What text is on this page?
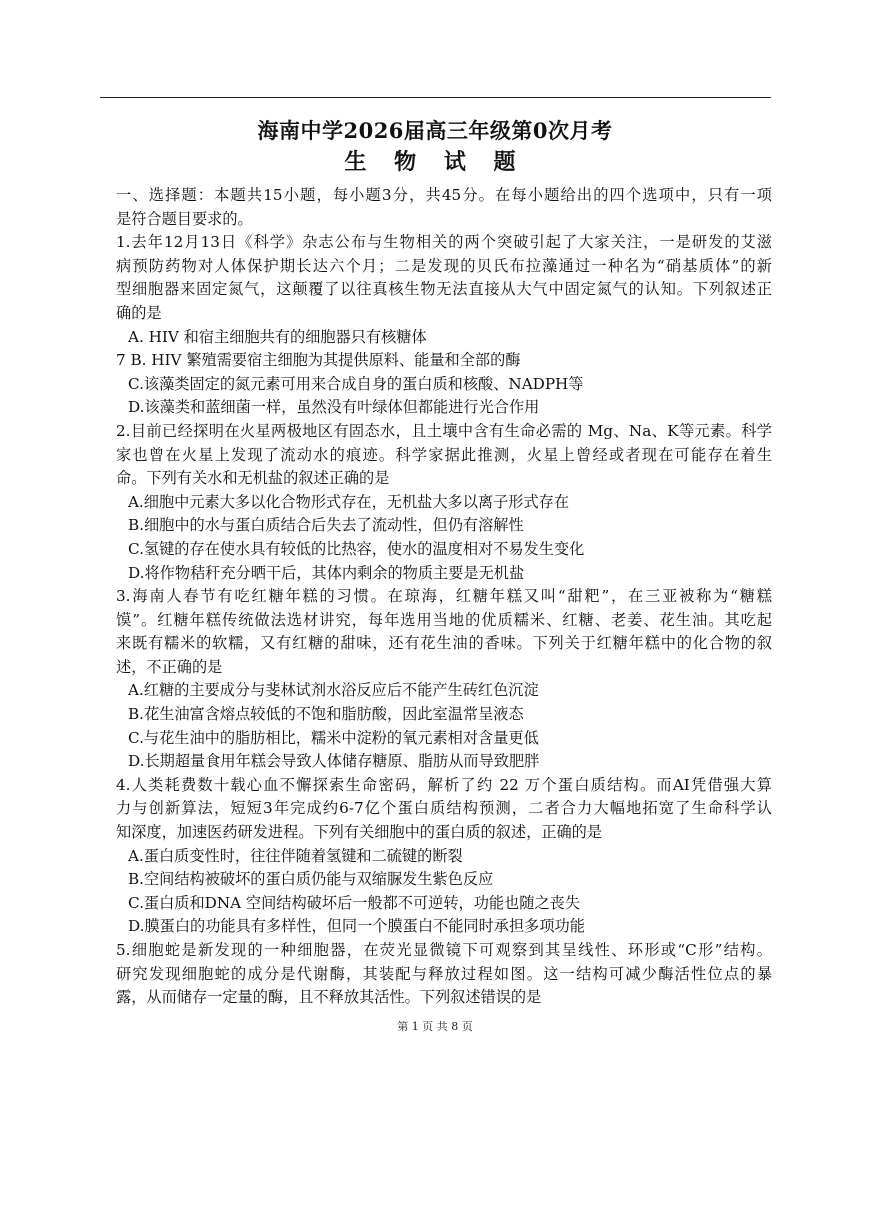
海南中学2026届高三年级第0次月考
生 物 试 题
一、选择题：本题共15小题，每小题3分，共45分。在每小题给出的四个选项中，只有一项
是符合题目要求的。
1.去年12月13日《科学》杂志公布与生物相关的两个突破引起了大家关注，一是研发的艾滋
病预防药物对人体保护期长达六个月；二是发现的贝氏布拉藻通过一种名为“硝基质体”的新
型细胞器来固定氮气，这颠覆了以往真核生物无法直接从大气中固定氮气的认知。下列叙述正
确的是
A. HIV 和宿主细胞共有的细胞器只有核糖体
7 B. HIV 繁殖需要宿主细胞为其提供原料、能量和全部的酶
C.该藻类固定的氮元素可用来合成自身的蛋白质和核酸、NADPH等
D.该藻类和蓝细菌一样，虽然没有叶绿体但都能进行光合作用
2.目前已经探明在火星两极地区有固态水，且土壤中含有生命必需的 Mg、Na、K等元素。科学
家也曾在火星上发现了流动水的痕迹。科学家据此推测，火星上曾经或者现在可能存在着生
命。下列有关水和无机盐的叙述正确的是
A.细胞中元素大多以化合物形式存在，无机盐大多以离子形式存在
B.细胞中的水与蛋白质结合后失去了流动性，但仍有溶解性
C.氢键的存在使水具有较低的比热容，使水的温度相对不易发生变化
D.将作物秸秆充分晒干后，其体内剩余的物质主要是无机盐
3.海南人春节有吃红糖年糕的习惯。在琼海，红糖年糕又叫“甜粑”，在三亚被称为“糖糕
馍”。红糖年糕传统做法选材讲究，每年选用当地的优质糯米、红糖、老姜、花生油。其吃起
来既有糯米的软糯，又有红糖的甜味，还有花生油的香味。下列关于红糖年糕中的化合物的叙
述，不正确的是
A.红糖的主要成分与斐林试剂水浴反应后不能产生砖红色沉淀
B.花生油富含熔点较低的不饱和脂肪酸，因此室温常呈液态
C.与花生油中的脂肪相比，糯米中淀粉的氧元素相对含量更低
D.长期超量食用年糕会导致人体储存糖原、脂肪从而导致肥胖
4.人类耗费数十载心血不懈探索生命密码，解析了约 22 万个蛋白质结构。而AI凭借强大算
力与创新算法，短短3年完成约6-7亿个蛋白质结构预测，二者合力大幅地拓宽了生命科学认
知深度，加速医药研发进程。下列有关细胞中的蛋白质的叙述，正确的是
A.蛋白质变性时，往往伴随着氢键和二硫键的断裂
B.空间结构被破坏的蛋白质仍能与双缩脲发生紫色反应
C.蛋白质和DNA 空间结构破坏后一般都不可逆转，功能也随之丧失
D.膜蛋白的功能具有多样性，但同一个膜蛋白不能同时承担多项功能
5.细胞蛇是新发现的一种细胞器，在荧光显微镜下可观察到其呈线性、环形或“C形”结构。
研究发现细胞蛇的成分是代谢酶，其装配与释放过程如图。这一结构可减少酶活性位点的暴
露，从而储存一定量的酶，且不释放其活性。下列叙述错误的是
第 1 页 共 8 页
